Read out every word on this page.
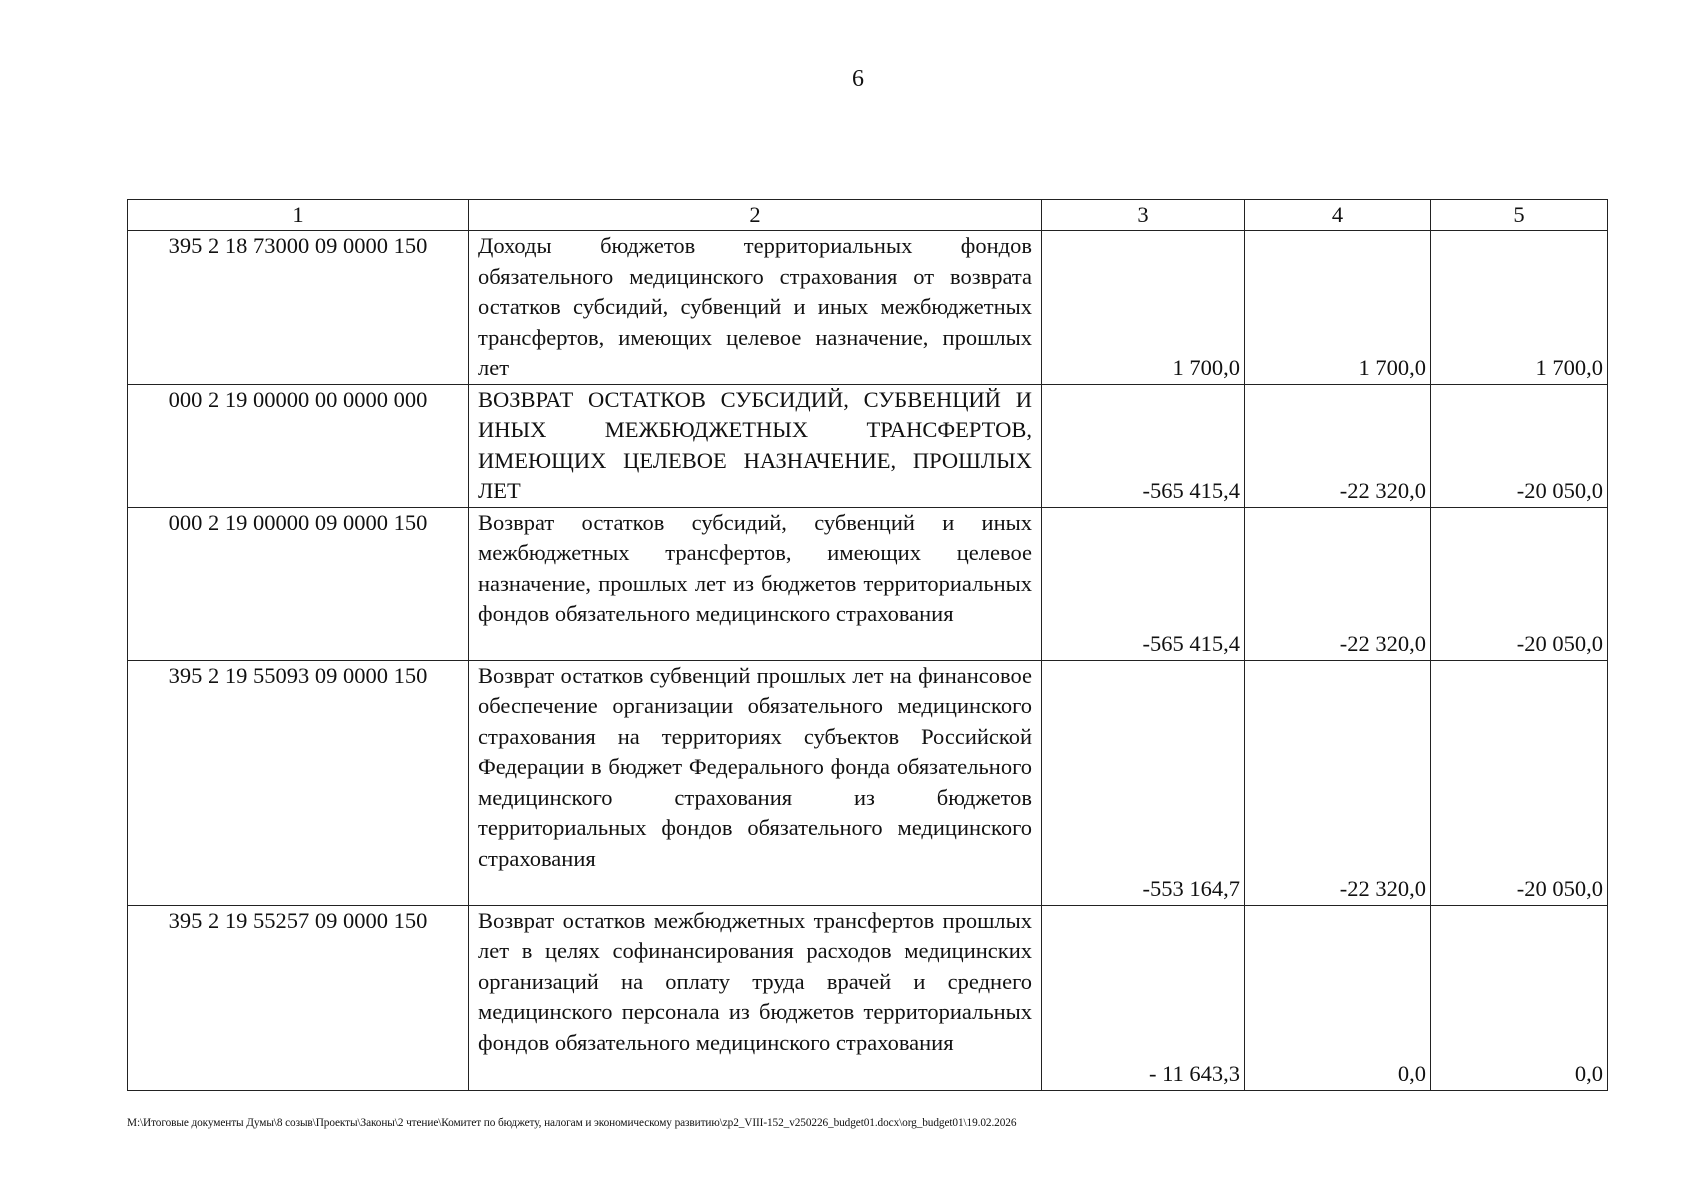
6
1	2	3	4	5
395 2 18 73000 09 0000 150	Доходы бюджетов территориальных фондов обязательного медицинского страхования от возврата остатков субсидий, субвенций и иных межбюджетных трансфертов, имеющих целевое назначение, прошлых лет	1 700,0	1 700,0	1 700,0
000 2 19 00000 00 0000 000	ВОЗВРАТ ОСТАТКОВ СУБСИДИЙ, СУБВЕНЦИЙ И ИНЫХ МЕЖБЮДЖЕТНЫХ ТРАНСФЕРТОВ, ИМЕЮЩИХ ЦЕЛЕВОЕ НАЗНАЧЕНИЕ, ПРОШЛЫХ ЛЕТ	-565 415,4	-22 320,0	-20 050,0
000 2 19 00000 09 0000 150	Возврат остатков субсидий, субвенций и иных межбюджетных трансфертов, имеющих целевое назначение, прошлых лет из бюджетов территориальных фондов обязательного медицинского страхования	-565 415,4	-22 320,0	-20 050,0
395 2 19 55093 09 0000 150	Возврат остатков субвенций прошлых лет на финансовое обеспечение организации обязательного медицинского страхования на территориях субъектов Российской Федерации в бюджет Федерального фонда обязательного медицинского страхования из бюджетов территориальных фондов обязательного медицинского страхования	-553 164,7	-22 320,0	-20 050,0
395 2 19 55257 09 0000 150	Возврат остатков межбюджетных трансфертов прошлых лет в целях софинансирования расходов медицинских организаций на оплату труда врачей и среднего медицинского персонала из бюджетов территориальных фондов обязательного медицинского страхования	- 11 643,3	0,0	0,0
M:\Итоговые документы Думы\8 созыв\Проекты\Законы\2 чтение\Комитет по бюджету, налогам и экономическому развитию\zp2_VIII-152_v250226_budget01.docx\org_budget01\19.02.2026
